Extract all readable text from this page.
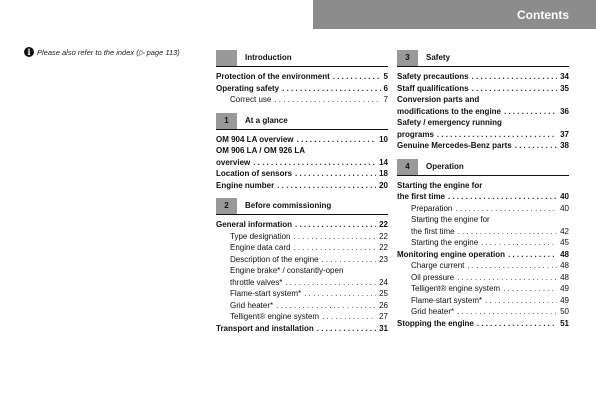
Contents
i Please also refer to the index (▷ page 113)
Introduction
Protection of the environment .....	5
Operating safety .....	6
Correct use .....	7
1	At a glance
OM 904 LA overview .....	10
OM 906 LA / OM 926 LA
overview .....	14
Location of sensors .....	18
Engine number .....	20
2	Before commissioning
General information .....	22
Type designation .....	22
Engine data card .....	22
Description of the engine .....	23
Engine brake* / constantly-open
throttle valves* .....	24
Flame-start system* .....	25
Grid heater* .....	26
Telligent® engine system .....	27
Transport and installation .....	31
3	Safety
Safety precautions .....	34
Staff qualifications .....	35
Conversion parts and
modifications to the engine .....	36
Safety / emergency running
programs .....	37
Genuine Mercedes-Benz parts .....	38
4	Operation
Starting the engine for
the first time .....	40
Preparation .....	40
Starting the engine for
the first time .....	42
Starting the engine .....	45
Monitoring engine operation .....	48
Charge current .....	48
Oil pressure .....	48
Telligent® engine system .....	49
Flame-start system* .....	49
Grid heater* .....	50
Stopping the engine .....	51
